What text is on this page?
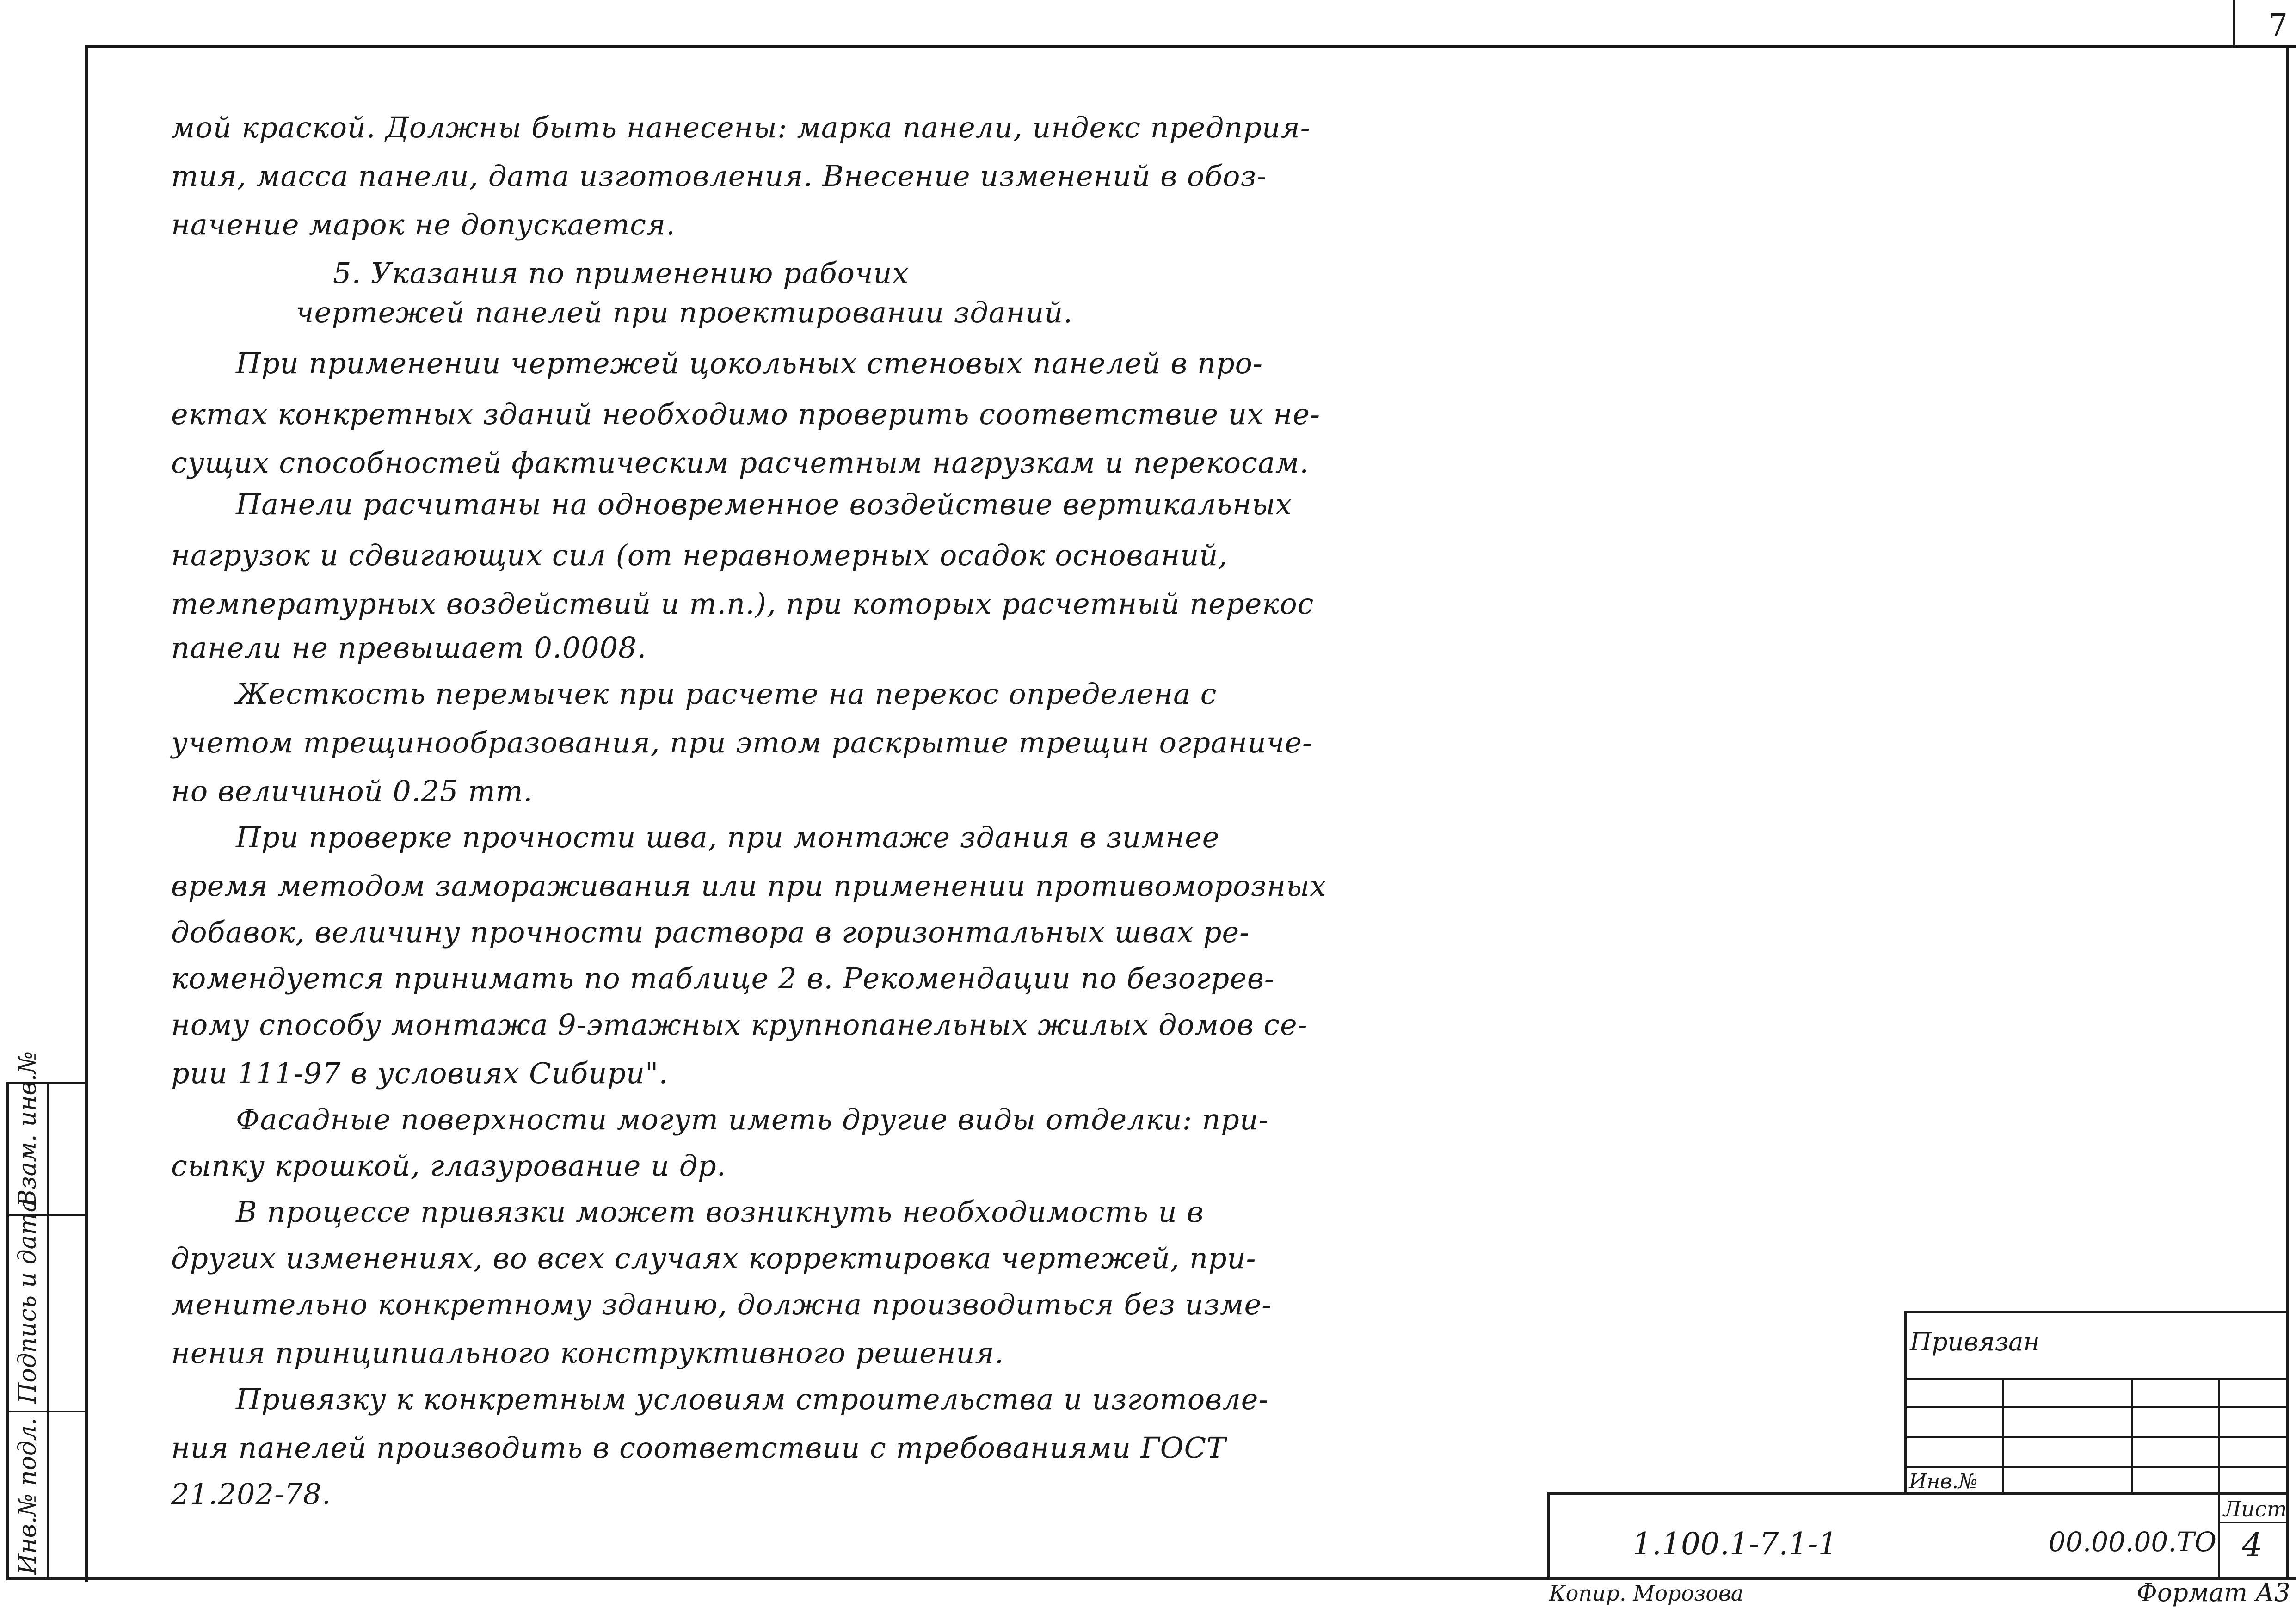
7
Взам. инв.№
Подпись и дата
Инв.№ подл.
мой краской. Должны быть нанесены: марка панели, индекс предприя-
тия, масса панели, дата изготовления. Внесение изменений в обоз-
начение марок не допускается.
5. Указания по применению рабочих
чертежей панелей при проектировании зданий.
При применении чертежей цокольных стеновых панелей в про-
ектах конкретных зданий необходимо проверить соответствие их не-
сущих способностей фактическим расчетным нагрузкам и перекосам.
Панели расчитаны на одновременное воздействие вертикальных
нагрузок и сдвигающих сил (от неравномерных осадок оснований,
температурных воздействий и т.п.), при которых расчетный перекос
панели не превышает 0.0008.
Жесткость перемычек при расчете на перекос определена с
учетом трещинообразования, при этом раскрытие трещин ограниче-
но величиной 0.25 mm.
При проверке прочности шва, при монтаже здания в зимнее
время методом замораживания или при применении противоморозных
добавок, величину прочности раствора в горизонтальных швах ре-
комендуется принимать по таблице 2 в. Рекомендации по безогрев-
ному способу монтажа 9-этажных крупнопанельных жилых домов се-
рии 111-97 в условиях Сибири".
Фасадные поверхности могут иметь другие виды отделки: при-
сыпку крошкой, глазурование и др.
В процессе привязки может возникнуть необходимость и в
других изменениях, во всех случаях корректировка чертежей, при-
менительно конкретному зданию, должна производиться без изме-
нения принципиального конструктивного решения.
Привязку к конкретным условиям строительства и изготовле-
ния панелей производить в соответствии с требованиями ГОСТ
21.202-78.
Привязан
Инв.№
1.100.1-7.1-1	00.00.00.ТО
Лист
4
Копир. Морозова	Формат А3
